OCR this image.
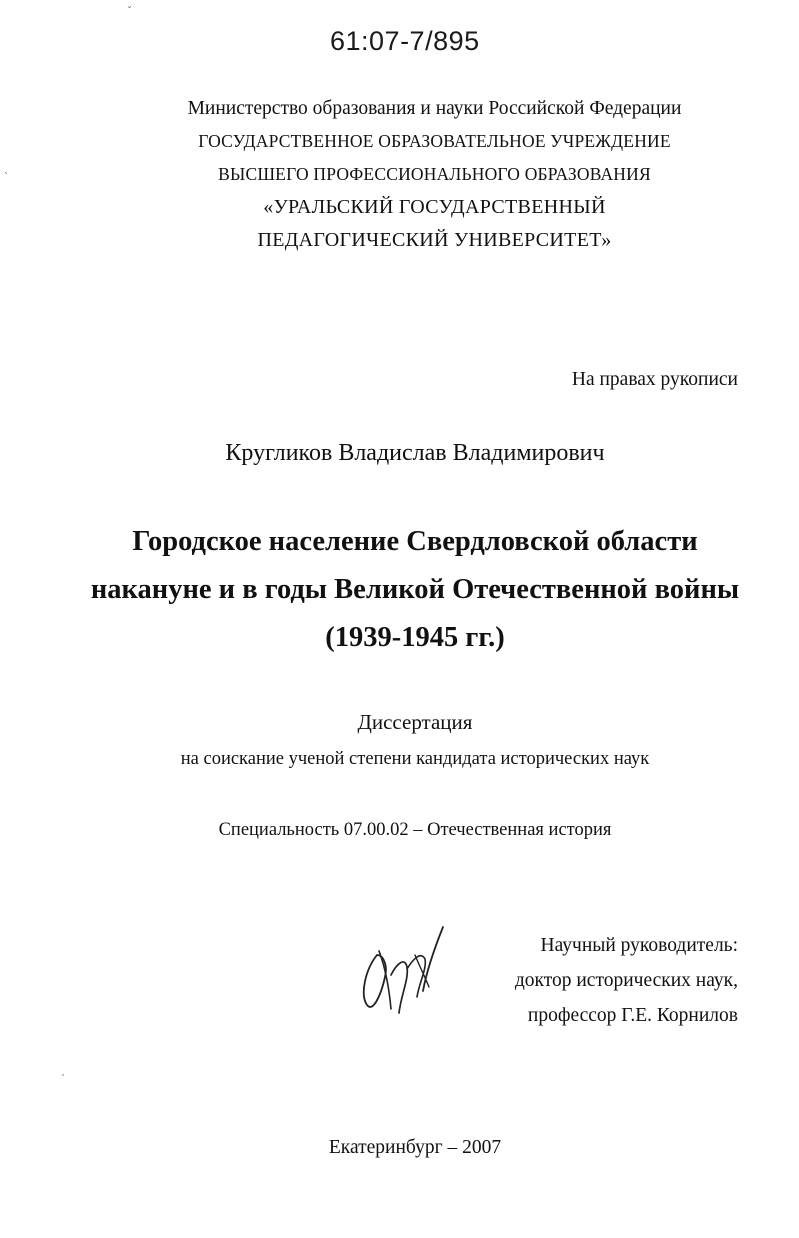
ˇ
ˋ
ˊ
61:07-7/895
Министерство образования и науки Российской Федерации
ГОСУДАРСТВЕННОЕ ОБРАЗОВАТЕЛЬНОЕ УЧРЕЖДЕНИЕ
ВЫСШЕГО ПРОФЕССИОНАЛЬНОГО ОБРАЗОВАНИЯ
«УРАЛЬСКИЙ ГОСУДАРСТВЕННЫЙ
ПЕДАГОГИЧЕСКИЙ УНИВЕРСИТЕТ»
На правах рукописи
Кругликов Владислав Владимирович
Городское население Свердловской области
накануне и в годы Великой Отечественной войны
(1939-1945 гг.)
Диссертация
на соискание ученой степени кандидата исторических наук
Специальность 07.00.02 – Отечественная история
Научный руководитель:
доктор исторических наук,
профессор Г.Е. Корнилов
Екатеринбург – 2007
